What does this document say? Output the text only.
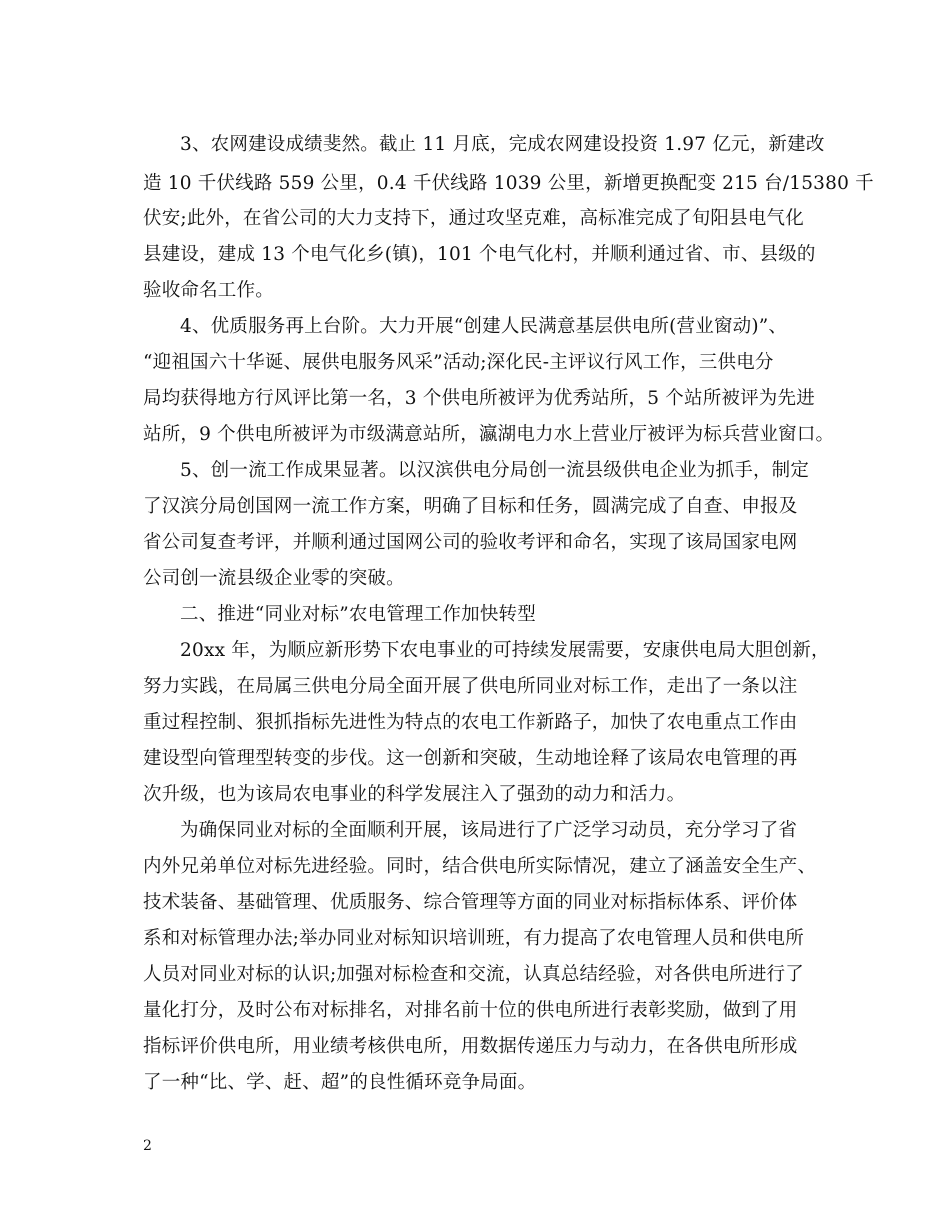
3、农网建设成绩斐然。截止 11 月底，完成农网建设投资 1.97 亿元，新建改
造 10 千伏线路 559 公里，0.4 千伏线路 1039 公里，新增更换配变 215 台/15380 千
伏安;此外，在省公司的大力支持下，通过攻坚克难，高标准完成了旬阳县电气化
县建设，建成 13 个电气化乡(镇)，101 个电气化村，并顺利通过省、市、县级的
验收命名工作。
4、优质服务再上台阶。大力开展“创建人民满意基层供电所(营业窗动)”、
“迎祖国六十华诞、展供电服务风采”活动;深化民-主评议行风工作，三供电分
局均获得地方行风评比第一名，3 个供电所被评为优秀站所，5 个站所被评为先进
站所，9 个供电所被评为市级满意站所，瀛湖电力水上营业厅被评为标兵营业窗口。
5、创一流工作成果显著。以汉滨供电分局创一流县级供电企业为抓手，制定
了汉滨分局创国网一流工作方案，明确了目标和任务，圆满完成了自查、申报及
省公司复查考评，并顺利通过国网公司的验收考评和命名，实现了该局国家电网
公司创一流县级企业零的突破。
二、推进“同业对标”农电管理工作加快转型
20xx 年，为顺应新形势下农电事业的可持续发展需要，安康供电局大胆创新，
努力实践，在局属三供电分局全面开展了供电所同业对标工作，走出了一条以注
重过程控制、狠抓指标先进性为特点的农电工作新路子，加快了农电重点工作由
建设型向管理型转变的步伐。这一创新和突破，生动地诠释了该局农电管理的再
次升级，也为该局农电事业的科学发展注入了强劲的动力和活力。
为确保同业对标的全面顺利开展，该局进行了广泛学习动员，充分学习了省
内外兄弟单位对标先进经验。同时，结合供电所实际情况，建立了涵盖安全生产、
技术装备、基础管理、优质服务、综合管理等方面的同业对标指标体系、评价体
系和对标管理办法;举办同业对标知识培训班，有力提高了农电管理人员和供电所
人员对同业对标的认识;加强对标检查和交流，认真总结经验，对各供电所进行了
量化打分，及时公布对标排名，对排名前十位的供电所进行表彰奖励，做到了用
指标评价供电所，用业绩考核供电所，用数据传递压力与动力，在各供电所形成
了一种“比、学、赶、超”的良性循环竞争局面。
2
